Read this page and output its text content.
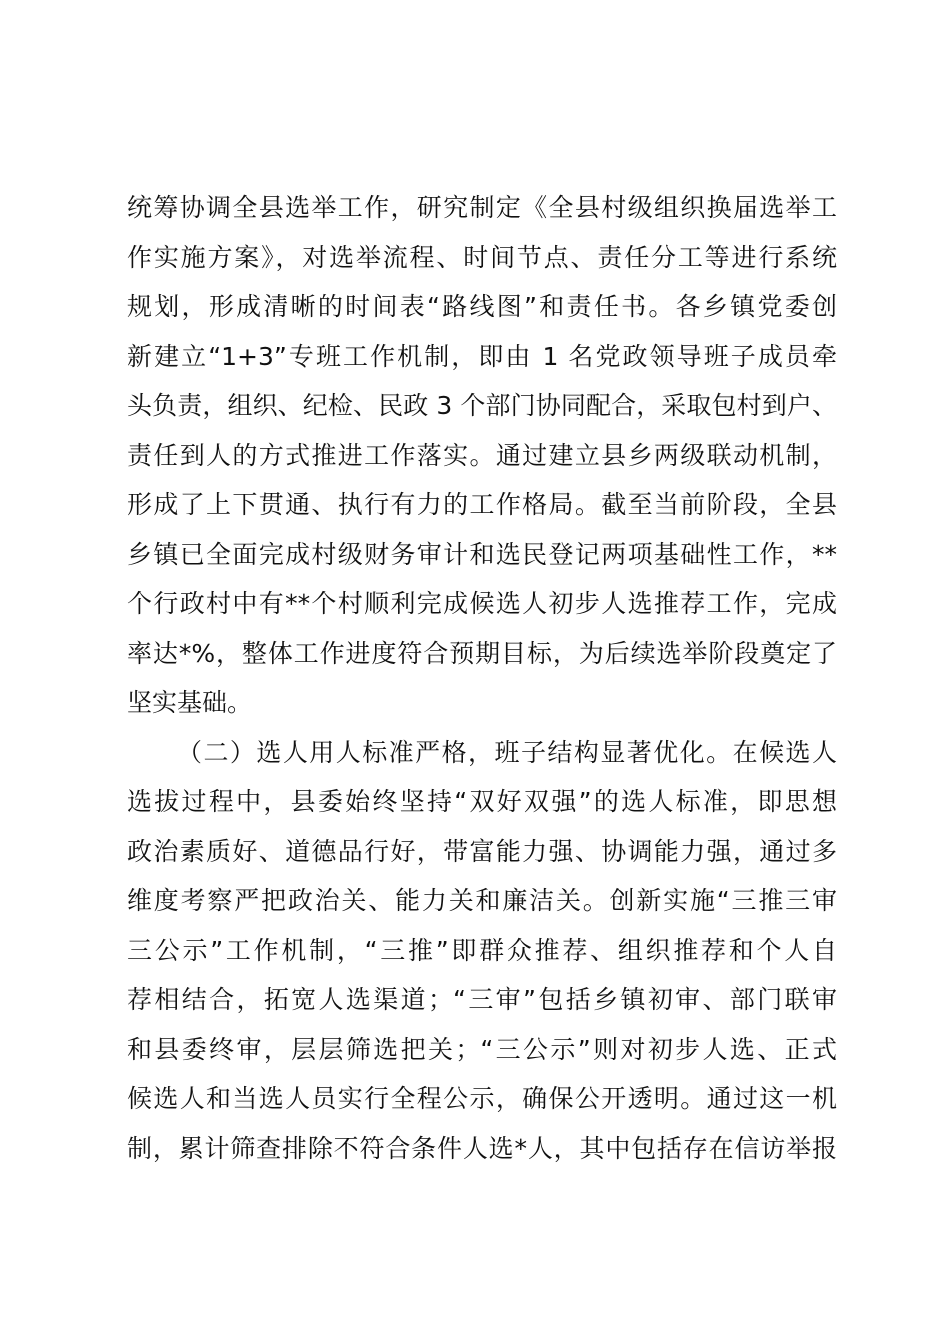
统筹协调全县选举工作，研究制定《全县村级组织换届选举工
作实施方案》，对选举流程、时间节点、责任分工等进行系统
规划，形成清晰的时间表“路线图”和责任书。各乡镇党委创
新建立“1+3”专班工作机制，即由 1 名党政领导班子成员牵
头负责，组织、纪检、民政 3 个部门协同配合，采取包村到户、
责任到人的方式推进工作落实。通过建立县乡两级联动机制，
形成了上下贯通、执行有力的工作格局。截至当前阶段，全县
乡镇已全面完成村级财务审计和选民登记两项基础性工作，**
个行政村中有**个村顺利完成候选人初步人选推荐工作，完成
率达*%，整体工作进度符合预期目标，为后续选举阶段奠定了
坚实基础。
（二）选人用人标准严格，班子结构显著优化。在候选人
选拔过程中，县委始终坚持“双好双强”的选人标准，即思想
政治素质好、道德品行好，带富能力强、协调能力强，通过多
维度考察严把政治关、能力关和廉洁关。创新实施“三推三审
三公示”工作机制，“三推”即群众推荐、组织推荐和个人自
荐相结合，拓宽人选渠道；“三审”包括乡镇初审、部门联审
和县委终审，层层筛选把关；“三公示”则对初步人选、正式
候选人和当选人员实行全程公示，确保公开透明。通过这一机
制，累计筛查排除不符合条件人选*人，其中包括存在信访举报
